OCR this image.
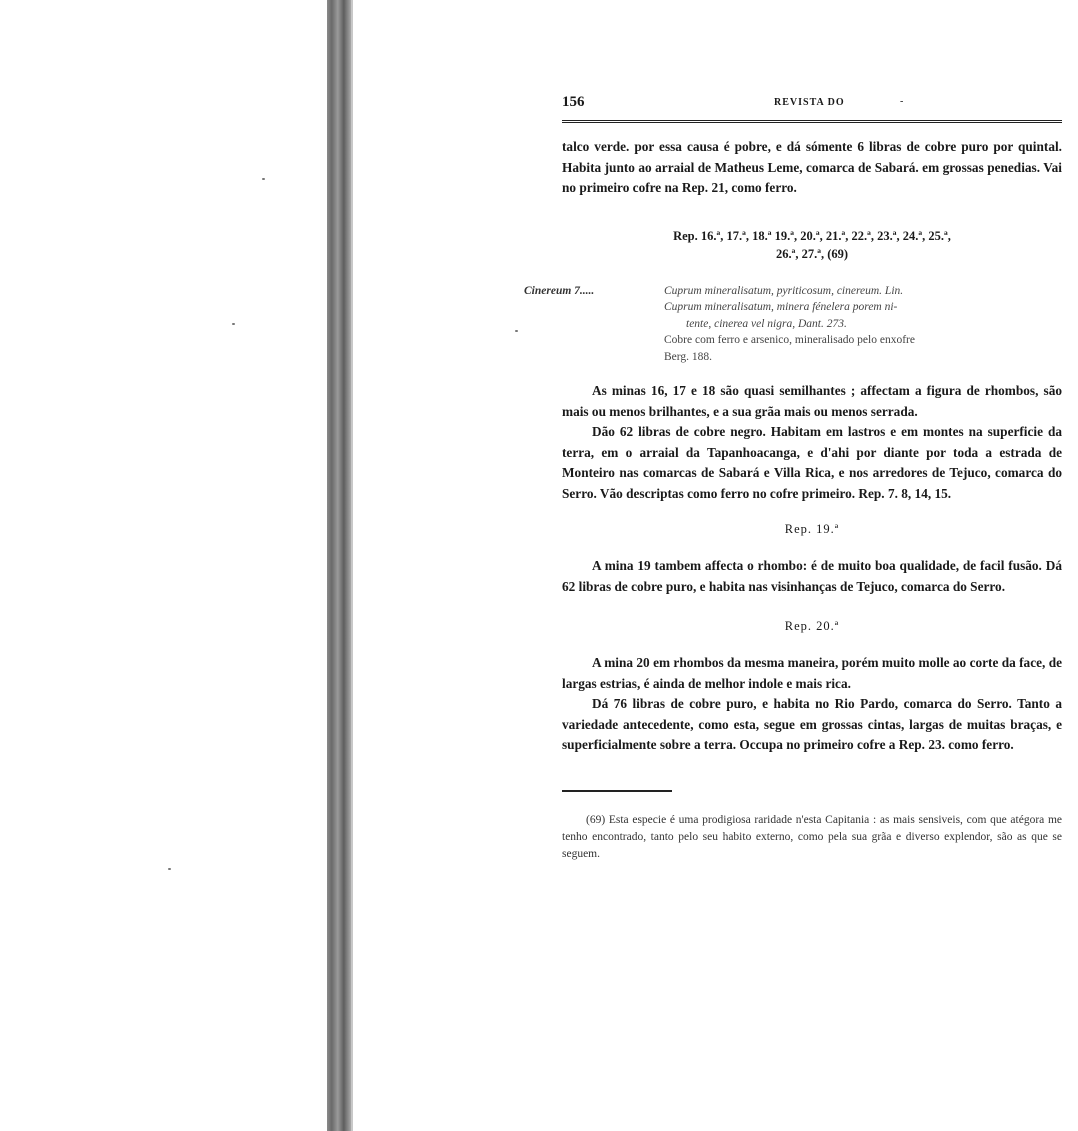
156	REVISTA DO	-

talco verde. por essa causa é pobre, e dá sómente 6 libras de cobre puro por quintal. Habita junto ao arraial de Matheus Leme, comarca de Sabará. em grossas penedias. Vai no primeiro cofre na Rep. 21, como ferro.

Rep. 16.ª, 17.ª, 18.ª 19.ª, 20.ª, 21.ª, 22.ª, 23.ª, 24.ª, 25.ª,
26.ª, 27.ª, (69)
Cinereum 7.....	Cuprum mineralisatum, pyriticosum, cinereum. Lin.
Cuprum mineralisatum, minera fénelera porem ni-
tente, cinerea vel nigra, Dant. 273.
Cobre com ferro e arsenico, mineralisado pelo enxofre
Berg. 188.

As minas 16, 17 e 18 são quasi semilhantes ; affectam a figura de rhombos, são mais ou menos brilhantes, e a sua grãa mais ou menos serrada.

Dão 62 libras de cobre negro. Habitam em lastros e em montes na superficie da terra, em o arraial da Tapanhoacanga, e d'ahi por diante por toda a estrada de Monteiro nas comarcas de Sabará e Villa Rica, e nos arredores de Tejuco, comarca do Serro. Vão descriptas como ferro no cofre primeiro. Rep. 7. 8, 14, 15.

Rep. 19.ª

A mina 19 tambem affecta o rhombo: é de muito boa qualidade, de facil fusão. Dá 62 libras de cobre puro, e habita nas visinhanças de Tejuco, comarca do Serro.

Rep. 20.ª

A mina 20 em rhombos da mesma maneira, porém muito molle ao corte da face, de largas estrias, é ainda de melhor indole e mais rica.

Dá 76 libras de cobre puro, e habita no Rio Pardo, comarca do Serro. Tanto a variedade antecedente, como esta, segue em grossas cintas, largas de muitas braças, e superficialmente sobre a terra. Occupa no primeiro cofre a Rep. 23. como ferro.

(69) Esta especie é uma prodigiosa raridade n'esta Capitania : as mais sensiveis, com que atégora me tenho encontrado, tanto pelo seu habito externo, como pela sua grãa e diverso explendor, são as que se seguem.
